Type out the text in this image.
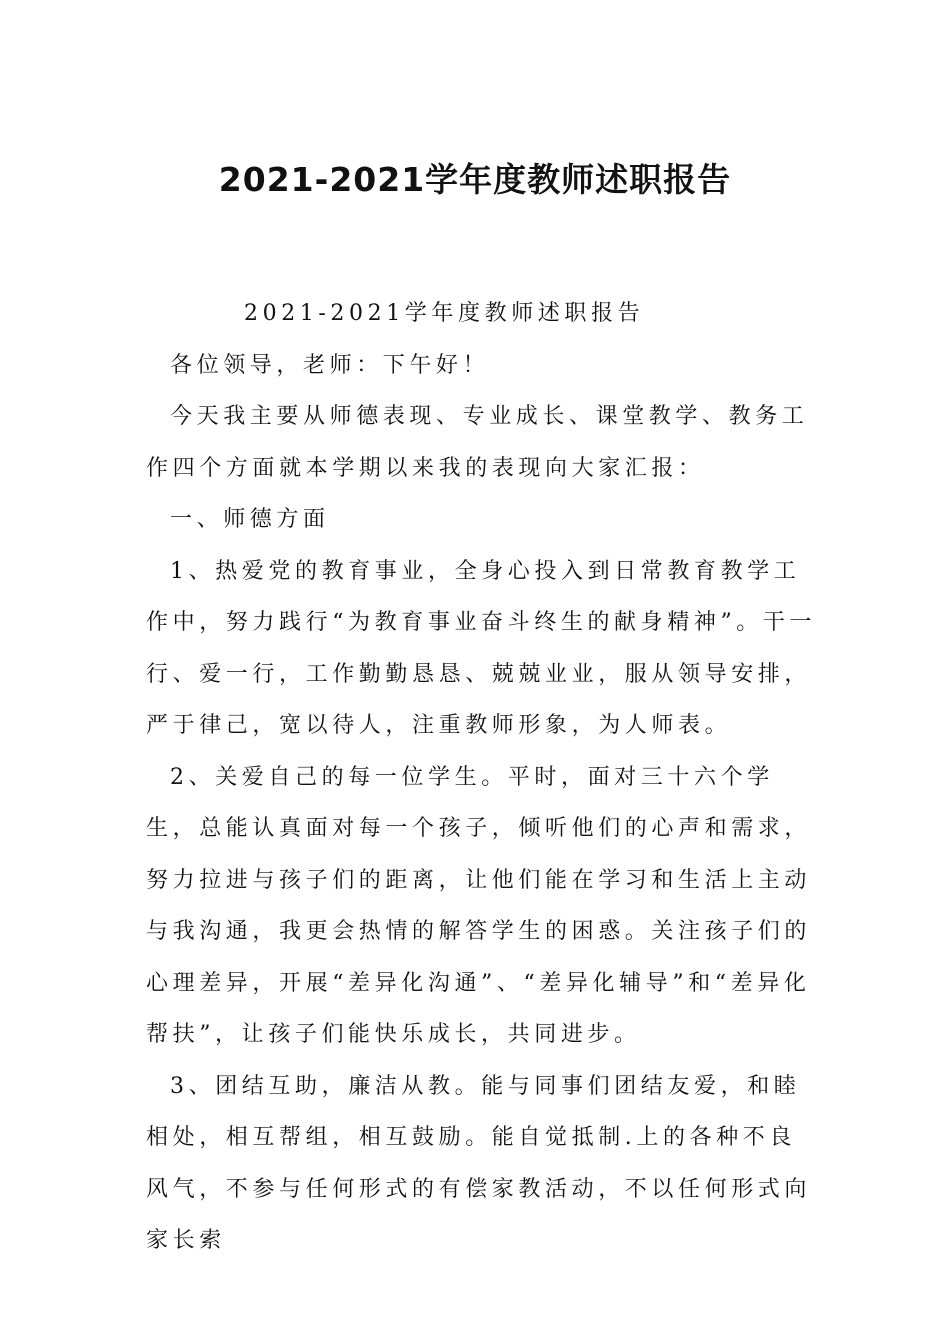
2021-2021学年度教师述职报告

2021-2021学年度教师述职报告

各位领导，老师：下午好！

今天我主要从师德表现、专业成长、课堂教学、教务工作四个方面就本学期以来我的表现向大家汇报：

一、师德方面

1、热爱党的教育事业，全身心投入到日常教育教学工作中，努力践行“为教育事业奋斗终生的献身精神”。干一行、爱一行，工作勤勤恳恳、兢兢业业，服从领导安排，严于律己，宽以待人，注重教师形象，为人师表。

2、关爱自己的每一位学生。平时，面对三十六个学生，总能认真面对每一个孩子，倾听他们的心声和需求，努力拉进与孩子们的距离，让他们能在学习和生活上主动与我沟通，我更会热情的解答学生的困惑。关注孩子们的心理差异，开展“差异化沟通”、“差异化辅导”和“差异化帮扶”，让孩子们能快乐成长，共同进步。

3、团结互助，廉洁从教。能与同事们团结友爱，和睦相处，相互帮组，相互鼓励。能自觉抵制.上的各种不良风气，不参与任何形式的有偿家教活动，不以任何形式向家长索
